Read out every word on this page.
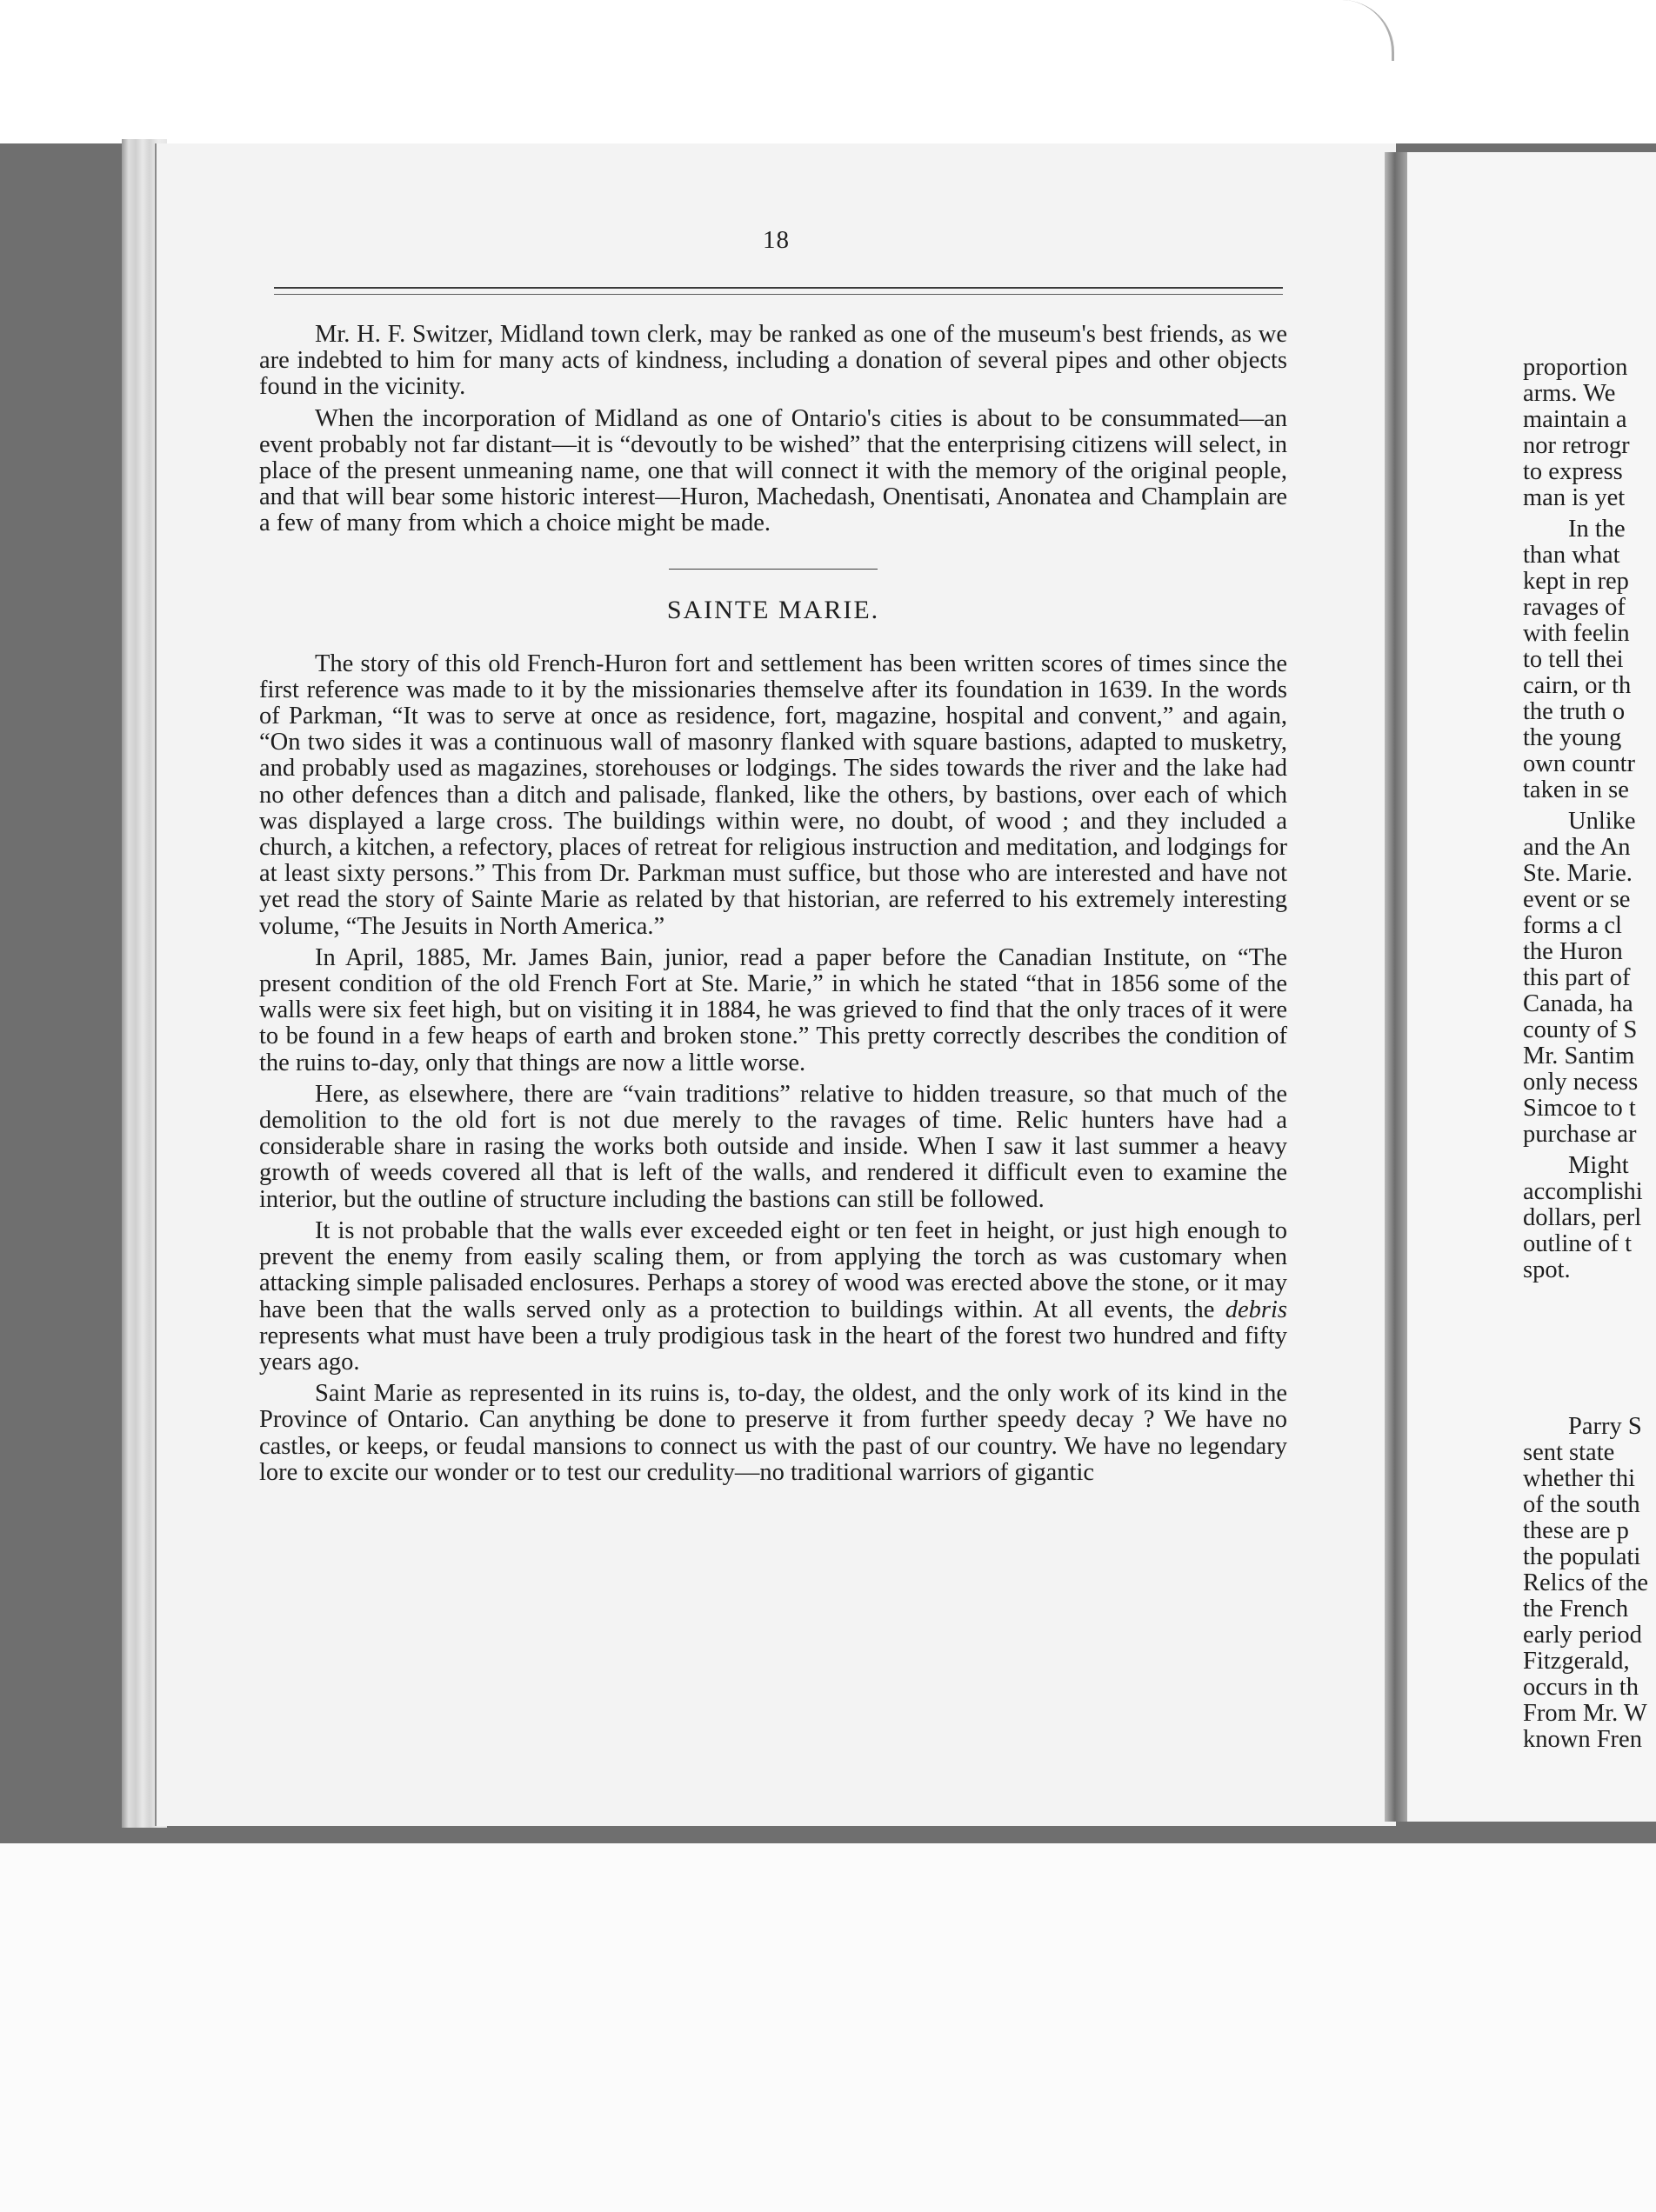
18

Mr. H. F. Switzer, Midland town clerk, may be ranked as one of the museum's best friends, as we are indebted to him for many acts of kindness, including a donation of several pipes and other objects found in the vicinity.

When the incorporation of Midland as one of Ontario's cities is about to be consummated—an event probably not far distant—it is “devoutly to be wished” that the enterprising citizens will select, in place of the present unmeaning name, one that will connect it with the memory of the original people, and that will bear some historic interest—Huron, Machedash, Onentisati, Anonatea and Champlain are a few of many from which a choice might be made.

SAINTE MARIE.

The story of this old French-Huron fort and settlement has been written scores of times since the first reference was made to it by the missionaries themselve after its foundation in 1639. In the words of Parkman, “It was to serve at once as residence, fort, magazine, hospital and convent,” and again, “On two sides it was a continuous wall of masonry flanked with square bastions, adapted to musketry, and probably used as magazines, storehouses or lodgings. The sides towards the river and the lake had no other defences than a ditch and palisade, flanked, like the others, by bastions, over each of which was displayed a large cross. The buildings within were, no doubt, of wood ; and they included a church, a kitchen, a refectory, places of retreat for religious instruction and meditation, and lodgings for at least sixty persons.” This from Dr. Parkman must suffice, but those who are interested and have not yet read the story of Sainte Marie as related by that historian, are referred to his extremely interesting volume, “The Jesuits in North America.”

In April, 1885, Mr. James Bain, junior, read a paper before the Canadian Institute, on “The present condition of the old French Fort at Ste. Marie,” in which he stated “that in 1856 some of the walls were six feet high, but on visiting it in 1884, he was grieved to find that the only traces of it were to be found in a few heaps of earth and broken stone.” This pretty correctly describes the condition of the ruins to-day, only that things are now a little worse.

Here, as elsewhere, there are “vain traditions” relative to hidden treasure, so that much of the demolition to the old fort is not due merely to the ravages of time. Relic hunters have had a considerable share in rasing the works both outside and inside. When I saw it last summer a heavy growth of weeds covered all that is left of the walls, and rendered it difficult even to examine the interior, but the outline of structure including the bastions can still be followed.

It is not probable that the walls ever exceeded eight or ten feet in height, or just high enough to prevent the enemy from easily scaling them, or from applying the torch as was customary when attacking simple palisaded enclosures. Perhaps a storey of wood was erected above the stone, or it may have been that the walls served only as a protection to buildings within. At all events, the debris represents what must have been a truly prodigious task in the heart of the forest two hundred and fifty years ago.

Saint Marie as represented in its ruins is, to-day, the oldest, and the only work of its kind in the Province of Ontario. Can anything be done to preserve it from further speedy decay ? We have no castles, or keeps, or feudal mansions to connect us with the past of our country. We have no legendary lore to excite our wonder or to test our credulity—no traditional warriors of gigantic

proportion
arms. We
maintain a
nor retrogr
to express
man is yet
In the
than what
kept in rep
ravages of
with feelin
to tell thei
cairn, or th
the truth o
the young
own countr
taken in se
Unlike
and the An
Ste. Marie.
event or se
forms a cl
the Huron
this part of
Canada, ha
county of S
Mr. Santim
only necess
Simcoe to t
purchase ar
Might
accomplishi
dollars, perl
outline of t
spot.
Parry S
sent state
whether thi
of the south
these are p
the populati
Relics of the
the French
early period
Fitzgerald,
occurs in th
From Mr. W
known Fren
